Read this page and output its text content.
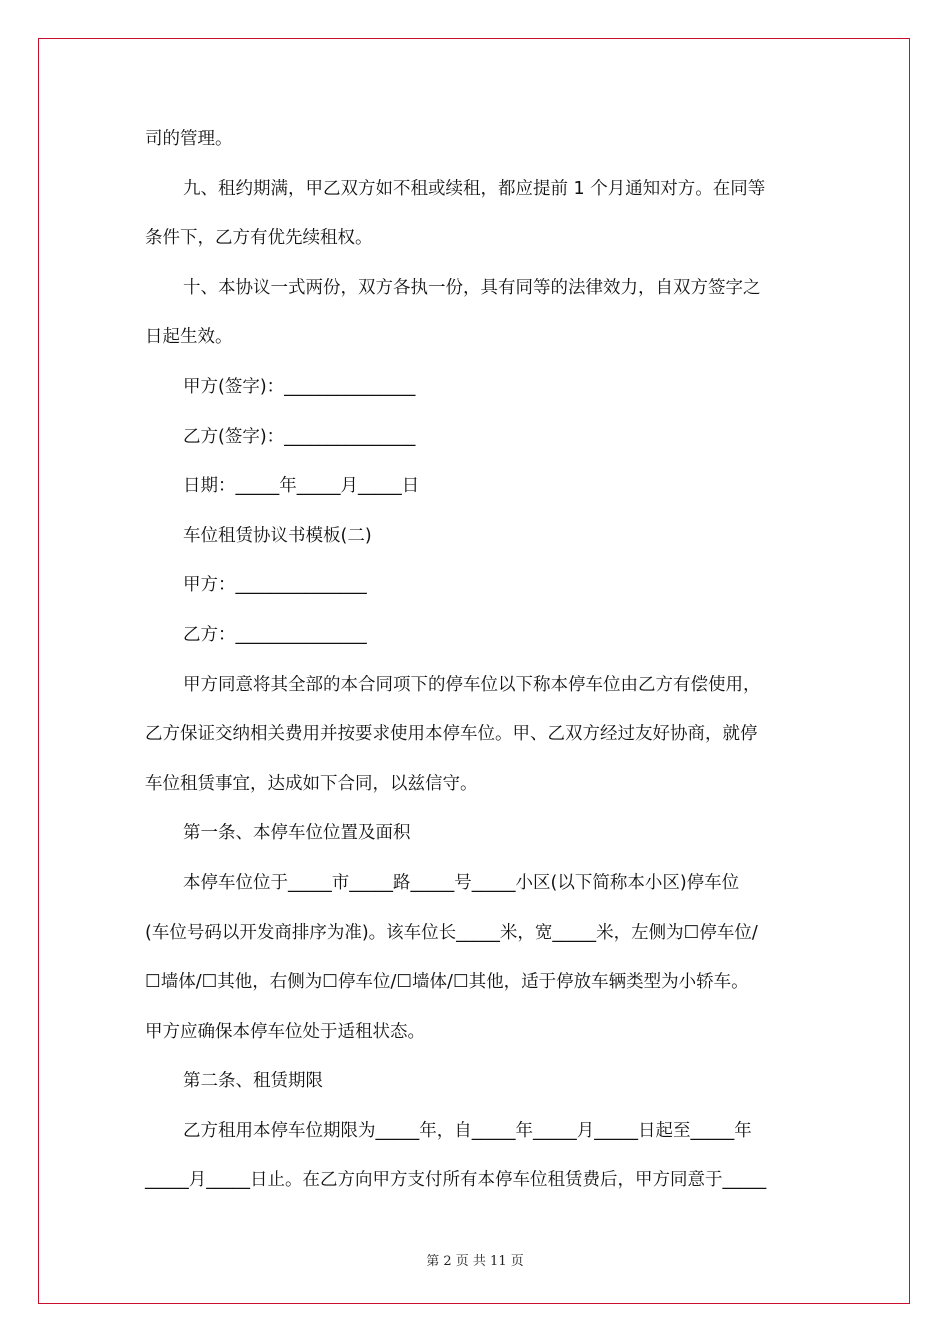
司的管理。
九、租约期满，甲乙双方如不租或续租，都应提前 1 个月通知对方。在同等
条件下，乙方有优先续租权。
十、本协议一式两份，双方各执一份，具有同等的法律效力，自双方签字之
日起生效。
甲方(签字)：_______________
乙方(签字)：_______________
日期：_____年_____月_____日
车位租赁协议书模板(二)
甲方：_______________
乙方：_______________
甲方同意将其全部的本合同项下的停车位以下称本停车位由乙方有偿使用，
乙方保证交纳相关费用并按要求使用本停车位。甲、乙双方经过友好协商，就停
车位租赁事宜，达成如下合同，以兹信守。
第一条、本停车位位置及面积
本停车位位于_____市_____路_____号_____小区(以下简称本小区)停车位
(车位号码以开发商排序为准)。该车位长_____米，宽_____米，左侧为☐停车位/
☐墙体/☐其他，右侧为☐停车位/☐墙体/☐其他，适于停放车辆类型为小轿车。
甲方应确保本停车位处于适租状态。
第二条、租赁期限
乙方租用本停车位期限为_____年，自_____年_____月_____日起至_____年
_____月_____日止。在乙方向甲方支付所有本停车位租赁费后，甲方同意于_____
第 2 页 共 11 页
